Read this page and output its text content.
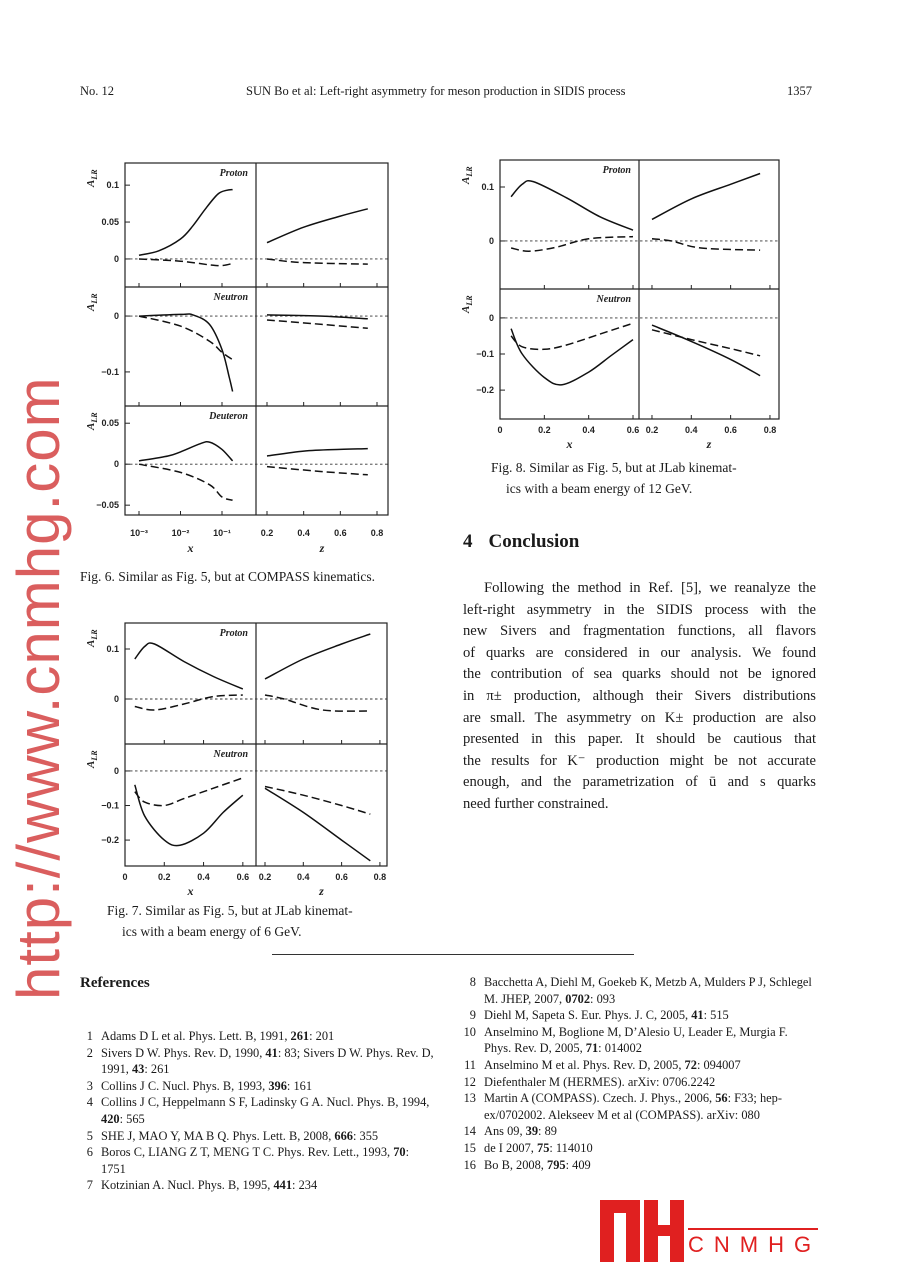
No. 12	SUN Bo et al: Left-right asymmetry for meson production in SIDIS process	1357
$A_{LR}$
$A_{LR}$
$A_{LR}$
0
0.05
0.1
Proton
0
−0.1
Neutron
0.05
0
−0.05
Deuteron
10⁻³	10⁻²	10⁻¹	0.2	0.4	0.6	0.8
x	z
$A_{LR}$
$A_{LR}$
0
0.1
Proton
0
−0.1
−0.2
Neutron
0	0.2	0.4	0.6 0.2	0.4	0.6	0.8
x	z
$A_{LR}$
$A_{LR}$
0
0.1
Proton
0
−0.1
−0.2
Neutron
0	0.2	0.4	0.6 0.2	0.4	0.6	0.8
x	z
Fig. 6. Similar as Fig. 5, but at COMPASS kinematics.
Fig. 7. Similar as Fig. 5, but at JLab kinemat-
ics with a beam energy of 6 GeV.
Fig. 8. Similar as Fig. 5, but at JLab kinemat-
ics with a beam energy of 12 GeV.
4 Conclusion
Following the method in Ref. [5], we reanalyze the
left-right asymmetry in the SIDIS process with the
new Sivers and fragmentation functions, all flavors
of quarks are considered in our analysis. We found
the contribution of sea quarks should not be ignored
in π± production, although their Sivers distributions
are small. The asymmetry on K± production are also
presented in this paper. It should be cautious that
the results for K⁻ production might be not accurate
enough, and the parametrization of ū and s quarks
need further constrained.
References
1 Adams D L et al. Phys. Lett. B, 1991, 261: 201
2 Sivers D W. Phys. Rev. D, 1990, 41: 83; Sivers D W. Phys. Rev. D, 1991, 43: 261
3 Collins J C. Nucl. Phys. B, 1993, 396: 161
4 Collins J C, Heppelmann S F, Ladinsky G A. Nucl. Phys. B, 1994, 420: 565
5 SHE J, MAO Y, MA B Q. Phys. Lett. B, 2008, 666: 355
6 Boros C, LIANG Z T, MENG T C. Phys. Rev. Lett., 1993, 70: 1751
7 Kotzinian A. Nucl. Phys. B, 1995, 441: 234
8 Bacchetta A, Diehl M, Goekeb K, Metzb A, Mulders P J, Schlegel M. JHEP, 2007, 0702: 093
9 Diehl M, Sapeta S. Eur. Phys. J. C, 2005, 41: 515
10 Anselmino M, Boglione M, D’Alesio U, Leader E, Murgia F. Phys. Rev. D, 2005, 71: 014002
11 Anselmino M et al. Phys. Rev. D, 2005, 72: 094007
12 Diefenthaler M (HERMES). arXiv: 0706.2242
13 Martin A (COMPASS). Czech. J. Phys., 2006, 56: F33; hep-ex/0702002. Alekseev M et al (COMPASS). arXiv: 080
14 Ans 09, 39: 89
15 de I 2007, 75: 114010
16 Bo B, 2008, 795: 409
http://www.cnmhg.com
CNMHG
